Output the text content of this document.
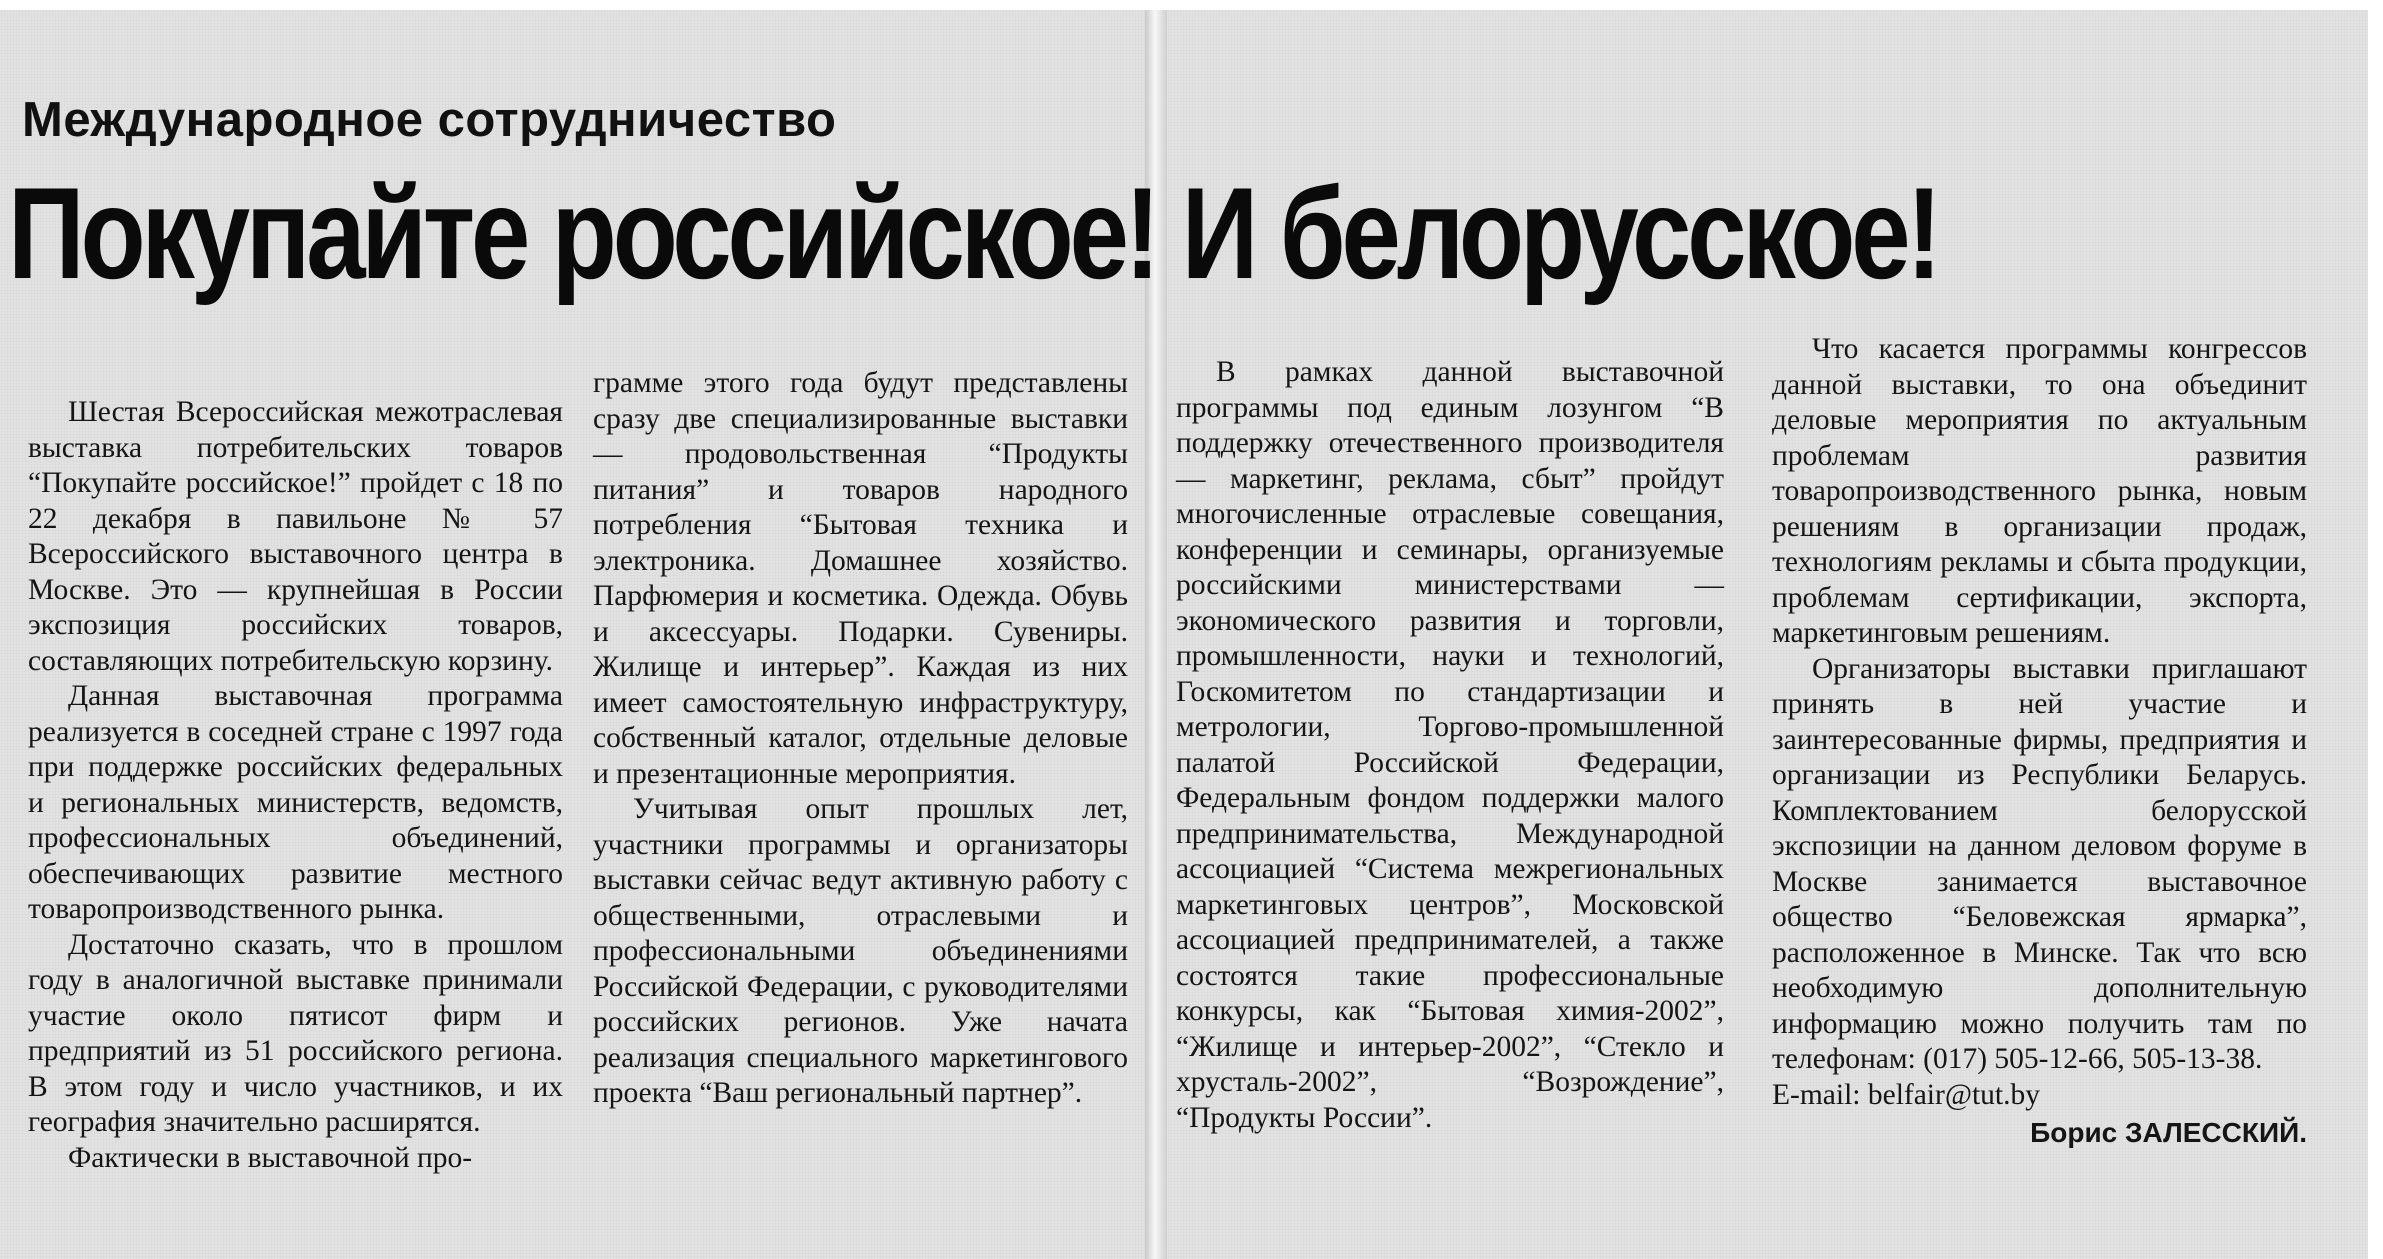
Международное сотрудничество
Покупайте российское! И белорусское!

Шестая Всероссийская межотраслевая выставка потребительских товаров “Покупайте российское!” пройдет с 18 по 22 декабря в павильоне № 57 Всероссийского выставочного центра в Москве. Это — крупнейшая в России экспозиция российских товаров, составляющих потребительскую корзину.

Данная выставочная программа реализуется в соседней стране с 1997 года при поддержке российских федеральных и региональных министерств, ведомств, профессиональных объединений, обеспечивающих развитие местного товаропроизводственного рынка.

Достаточно сказать, что в прошлом году в аналогичной выставке принимали участие около пятисот фирм и предприятий из 51 российского региона. В этом году и число участников, и их география значительно расширятся.

Фактически в выставочной про-

грамме этого года будут представлены сразу две специализированные выставки — продовольственная “Продукты питания” и товаров народного потребления “Бытовая техника и электроника. Домашнее хозяйство. Парфюмерия и косметика. Одежда. Обувь и аксессуары. Подарки. Сувениры. Жилище и интерьер”. Каждая из них имеет самостоятельную инфраструктуру, собственный каталог, отдельные деловые и презентационные мероприятия.

Учитывая опыт прошлых лет, участники программы и организаторы выставки сейчас ведут активную работу с общественными, отраслевыми и профессиональными объединениями Российской Федерации, с руководителями российских регионов. Уже начата реализация специального маркетингового проекта “Ваш региональный партнер”.

В рамках данной выставочной программы под единым лозунгом “В поддержку отечественного производителя — маркетинг, реклама, сбыт” пройдут многочисленные отраслевые совещания, конференции и семинары, организуемые российскими министерствами — экономического развития и торговли, промышленности, науки и технологий, Госкомитетом по стандартизации и метрологии, Торгово-промышленной палатой Российской Федерации, Федеральным фондом поддержки малого предпринимательства, Международной ассоциацией “Система межрегиональных маркетинговых центров”, Московской ассоциацией предпринимателей, а также состоятся такие профессиональные конкурсы, как “Бытовая химия-2002”, “Жилище и интерьер-2002”, “Стекло и хрусталь-2002”, “Возрождение”, “Продукты России”.

Что касается программы конгрессов данной выставки, то она объединит деловые мероприятия по актуальным проблемам развития товаропроизводственного рынка, новым решениям в организации продаж, технологиям рекламы и сбыта продукции, проблемам сертификации, экспорта, маркетинговым решениям.

Организаторы выставки приглашают принять в ней участие и заинтересованные фирмы, предприятия и организации из Республики Беларусь. Комплектованием белорусской экспозиции на данном деловом форуме в Москве занимается выставочное общество “Беловежская ярмарка”, расположенное в Минске. Так что всю необходимую дополнительную информацию можно получить там по телефонам: (017) 505-12-66, 505-13-38.

E-mail: belfair@tut.by

Борис ЗАЛЕССКИЙ.
